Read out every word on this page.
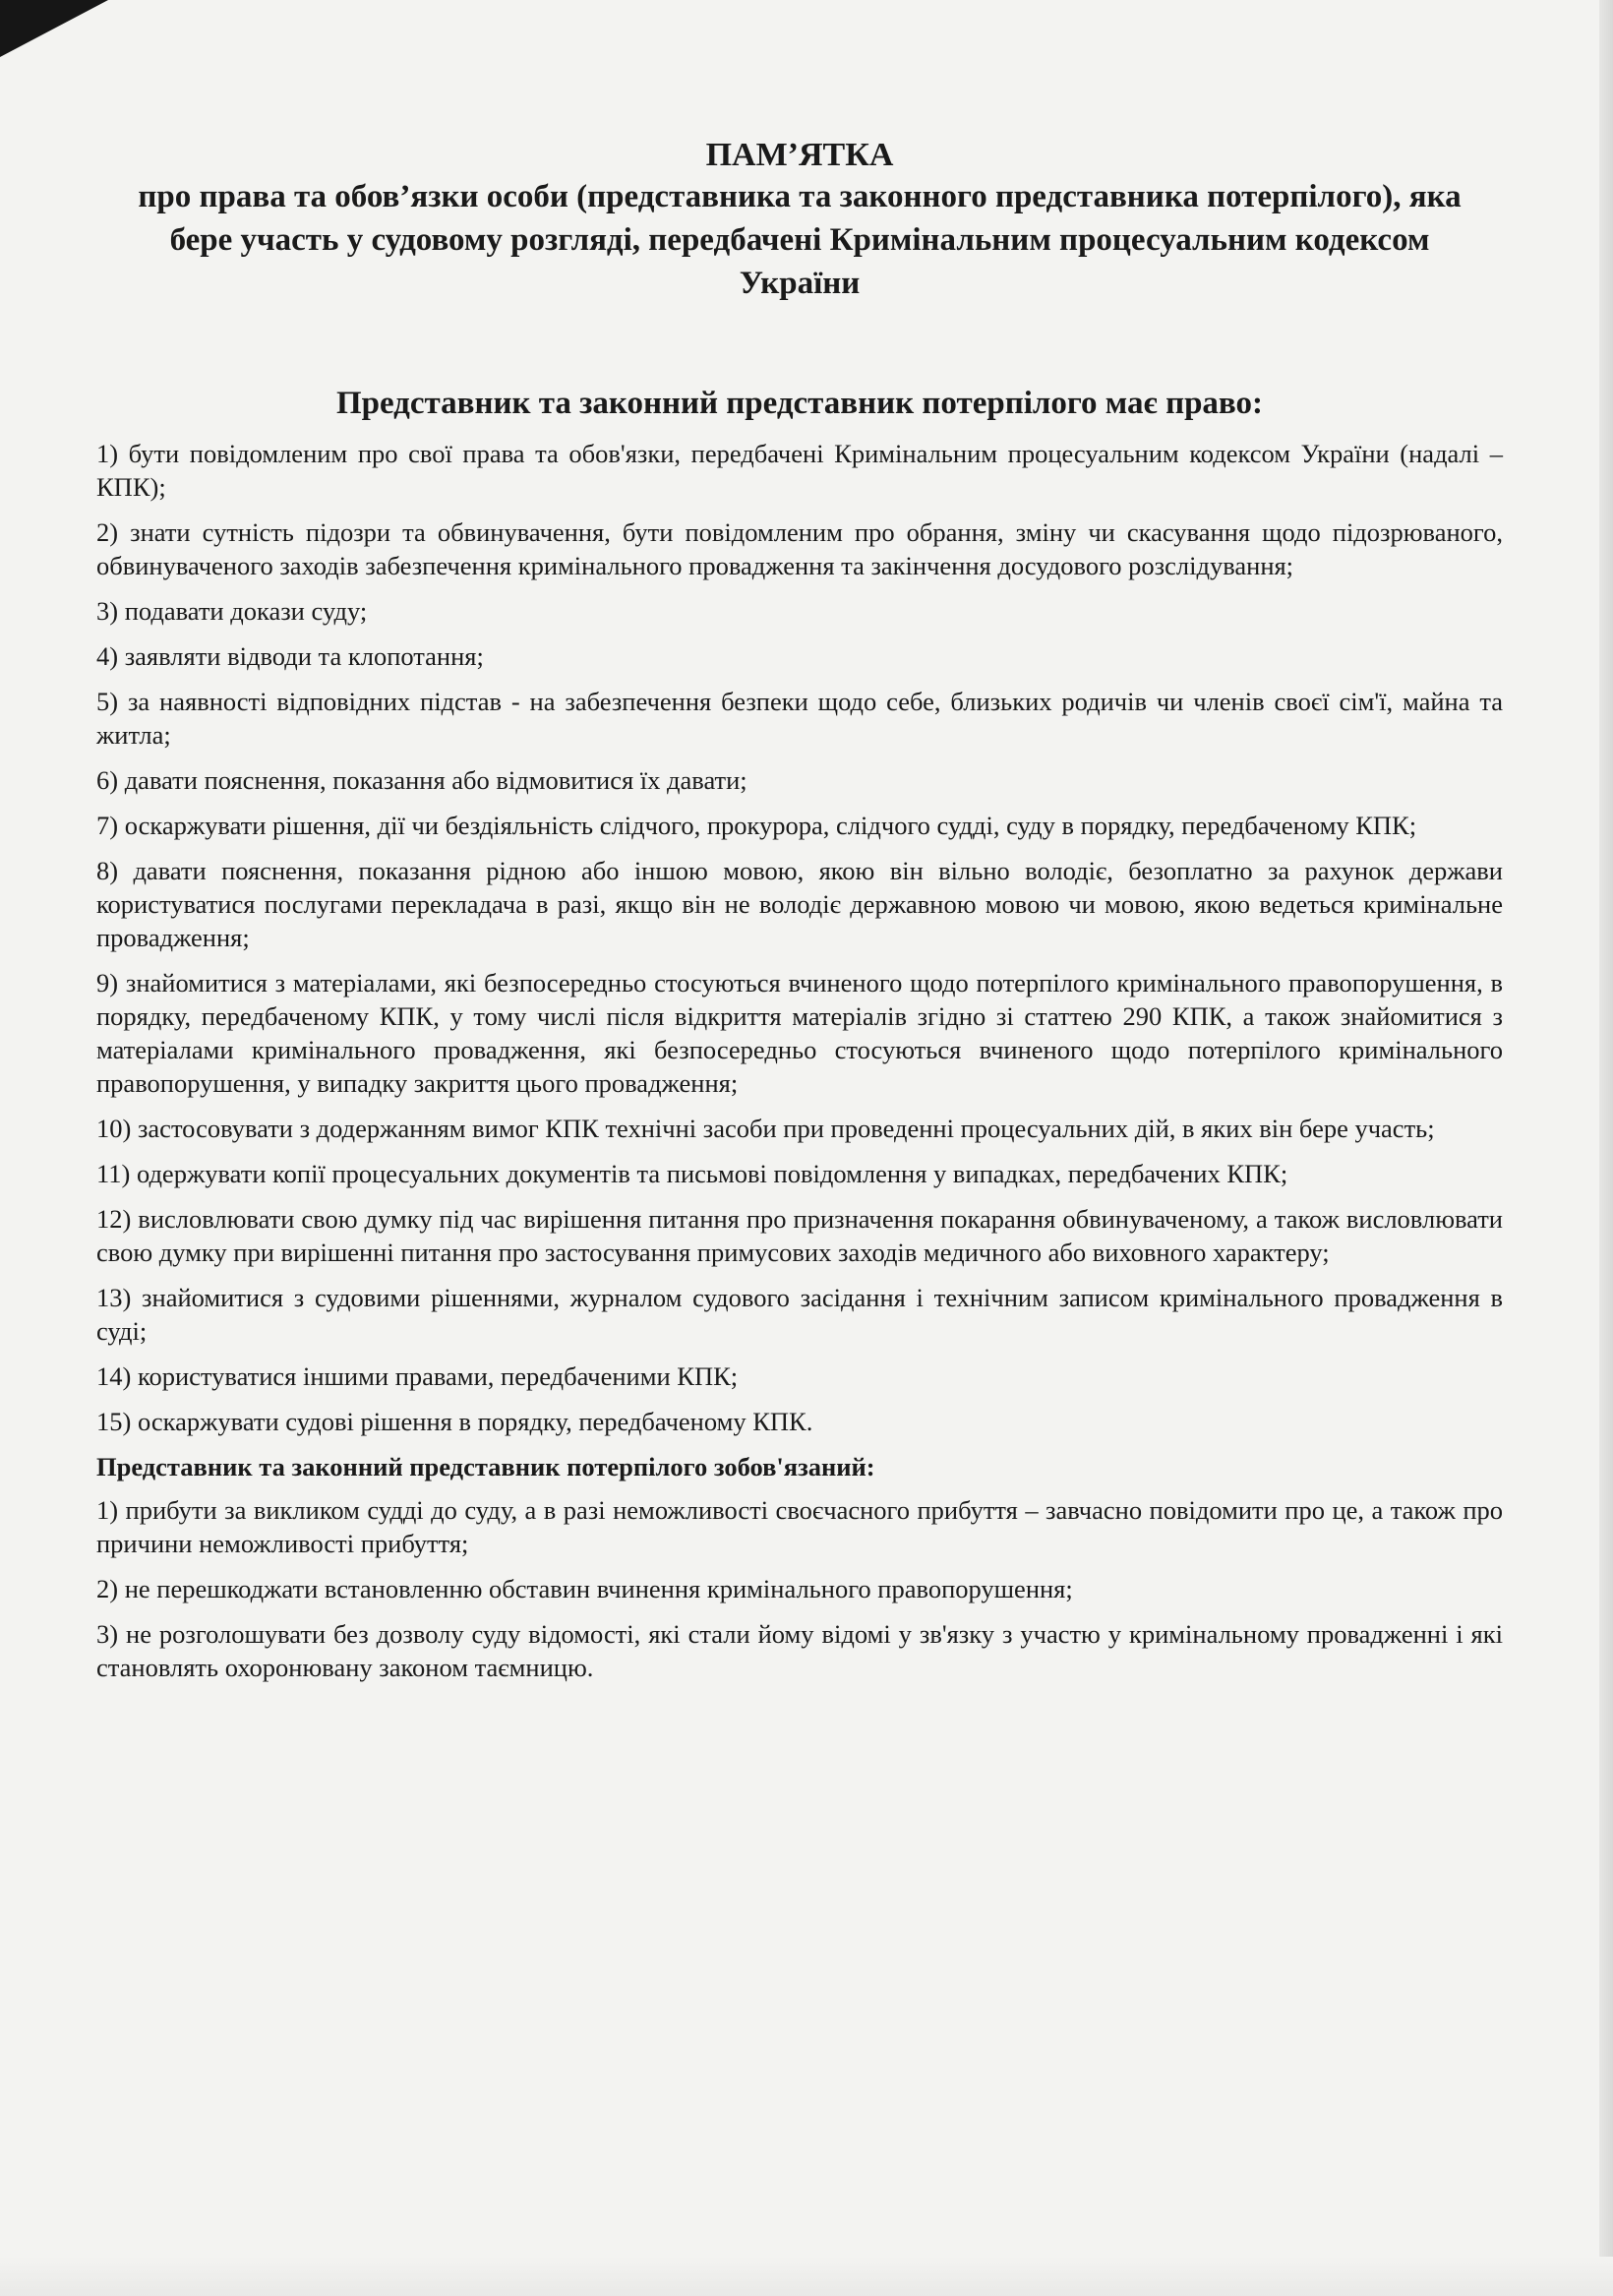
ПАМ’ЯТКА

про права та обов’язки особи (представника та законного представника потерпілого), яка бере участь у судовому розгляді, передбачені Кримінальним процесуальним кодексом України

Представник та законний представник потерпілого має право:

1) бути повідомленим про свої права та обов'язки, передбачені Кримінальним процесуальним кодексом України (надалі – КПК);

2) знати сутність підозри та обвинувачення, бути повідомленим про обрання, зміну чи скасування щодо підозрюваного, обвинуваченого заходів забезпечення кримінального провадження та закінчення досудового розслідування;

3) подавати докази суду;

4) заявляти відводи та клопотання;

5) за наявності відповідних підстав - на забезпечення безпеки щодо себе, близьких родичів чи членів своєї сім'ї, майна та житла;

6) давати пояснення, показання або відмовитися їх давати;

7) оскаржувати рішення, дії чи бездіяльність слідчого, прокурора, слідчого судді, суду в порядку, передбаченому КПК;

8) давати пояснення, показання рідною або іншою мовою, якою він вільно володіє, безоплатно за рахунок держави користуватися послугами перекладача в разі, якщо він не володіє державною мовою чи мовою, якою ведеться кримінальне провадження;

9) знайомитися з матеріалами, які безпосередньо стосуються вчиненого щодо потерпілого кримінального правопорушення, в порядку, передбаченому КПК, у тому числі після відкриття матеріалів згідно зі статтею 290 КПК, а також знайомитися з матеріалами кримінального провадження, які безпосередньо стосуються вчиненого щодо потерпілого кримінального правопорушення, у випадку закриття цього провадження;

10) застосовувати з додержанням вимог КПК технічні засоби при проведенні процесуальних дій, в яких він бере участь;

11) одержувати копії процесуальних документів та письмові повідомлення у випадках, передбачених КПК;

12) висловлювати свою думку під час вирішення питання про призначення покарання обвинуваченому, а також висловлювати свою думку при вирішенні питання про застосування примусових заходів медичного або виховного характеру;

13) знайомитися з судовими рішеннями, журналом судового засідання і технічним записом кримінального провадження в суді;

14) користуватися іншими правами, передбаченими КПК;

15) оскаржувати судові рішення в порядку, передбаченому КПК.

Представник та законний представник потерпілого зобов'язаний:

1) прибути за викликом судді до суду, а в разі неможливості своєчасного прибуття – завчасно повідомити про це, а також про причини неможливості прибуття;

2) не перешкоджати встановленню обставин вчинення кримінального правопорушення;

3) не розголошувати без дозволу суду відомості, які стали йому відомі у зв'язку з участю у кримінальному провадженні і які становлять охоронювану законом таємницю.
